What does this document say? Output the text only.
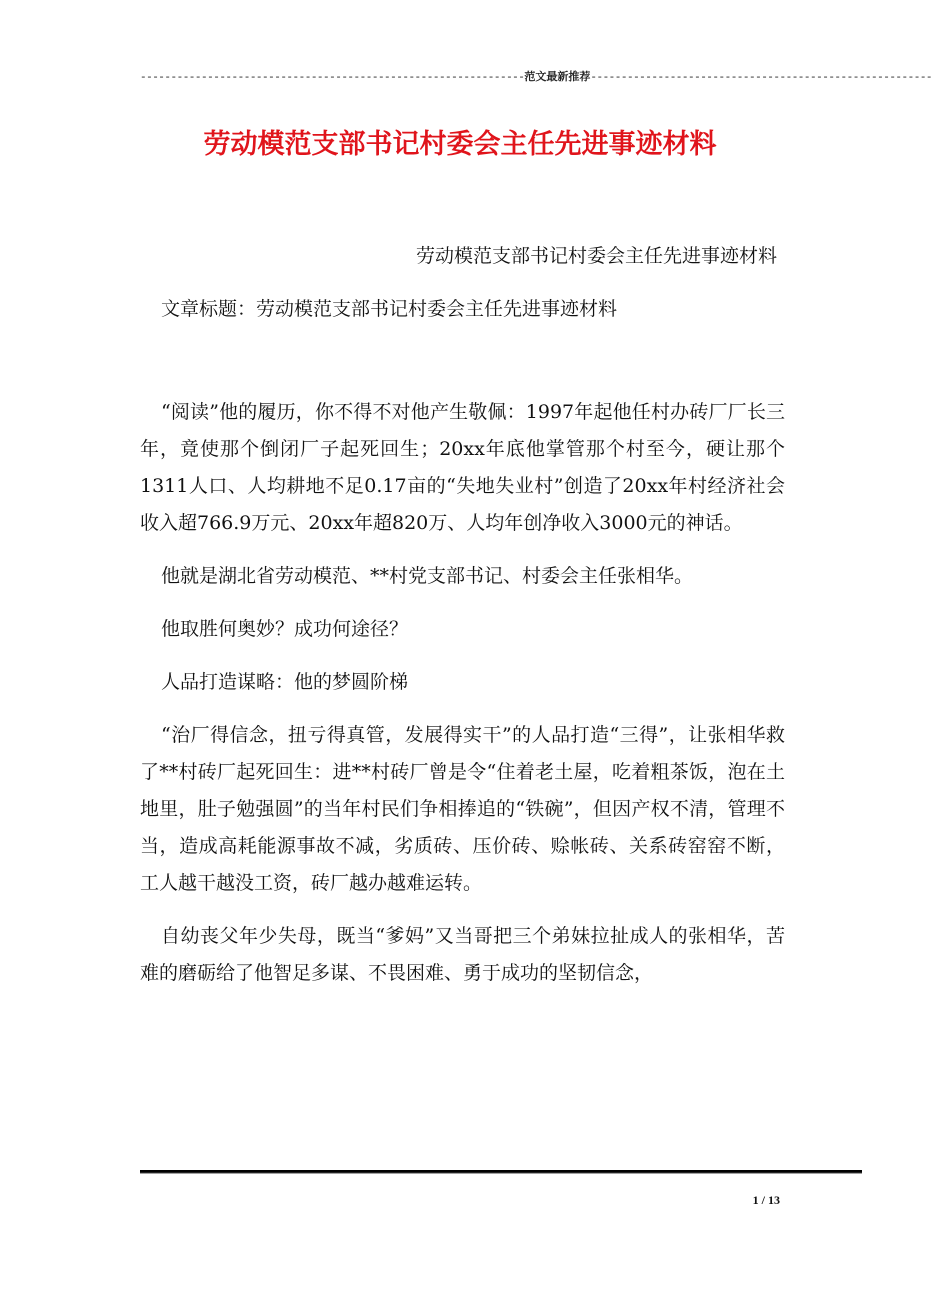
---------------------------------------------------------------范文最新推荐--------------------------------------------------------
劳动模范支部书记村委会主任先进事迹材料

劳动模范支部书记村委会主任先进事迹材料

文章标题：劳动模范支部书记村委会主任先进事迹材料

“阅读”他的履历，你不得不对他产生敬佩：1997年起他任村办砖厂厂长三年，竟使那个倒闭厂子起死回生；20xx年底他掌管那个村至今，硬让那个1311人口、人均耕地不足0.17亩的“失地失业村”创造了20xx年村经济社会收入超766.9万元、20xx年超820万、人均年创净收入3000元的神话。

他就是湖北省劳动模范、**村党支部书记、村委会主任张相华。

他取胜何奥妙？成功何途径？

人品打造谋略：他的梦圆阶梯

“治厂得信念，扭亏得真管，发展得实干”的人品打造“三得”，让张相华救了**村砖厂起死回生：进**村砖厂曾是令“住着老土屋，吃着粗茶饭，泡在土地里，肚子勉强圆”的当年村民们争相捧追的“铁碗”，但因产权不清，管理不当，造成高耗能源事故不减，劣质砖、压价砖、赊帐砖、关系砖窑窑不断，工人越干越没工资，砖厂越办越难运转。

自幼丧父年少失母，既当“爹妈”又当哥把三个弟妹拉扯成人的张相华，苦难的磨砺给了他智足多谋、不畏困难、勇于成功的坚韧信念，

1 / 13
